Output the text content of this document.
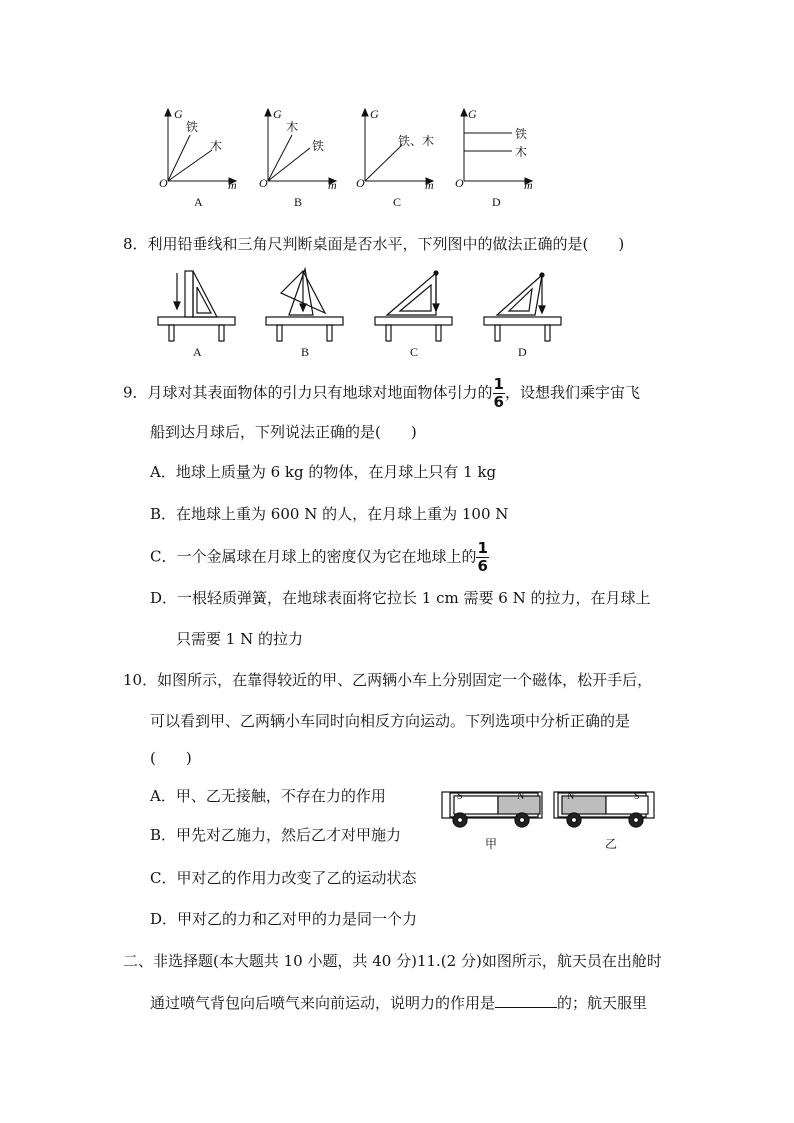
G
O	m
铁
木
A
G
O	m
木
铁
B
G
O	m
铁、木
C
G
O	m
铁
木
D
8．利用铅垂线和三角尺判断桌面是否水平，下列图中的做法正确的是(　　)
A	B	C	D
9．月球对其表面物体的引力只有地球对地面物体引力的 $\frac{1}{6}$ ，设想我们乘宇宙飞
船到达月球后，下列说法正确的是(　　)
A．地球上质量为 6 kg 的物体，在月球上只有 1 kg
B．在地球上重为 600 N 的人，在月球上重为 100 N
C．一个金属球在月球上的密度仅为它在地球上的 $\frac{1}{6}$
D．一根轻质弹簧，在地球表面将它拉长 1 cm 需要 6 N 的拉力，在月球上
只需要 1 N 的拉力
10．如图所示，在靠得较近的甲、乙两辆小车上分别固定一个磁体，松开手后，
可以看到甲、乙两辆小车同时向相反方向运动。下列选项中分析正确的是
(　　)
A．甲、乙无接触，不存在力的作用
B．甲先对乙施力，然后乙才对甲施力
C．甲对乙的作用力改变了乙的运动状态
D．甲对乙的力和乙对甲的力是同一个力
S	N	N	S
甲	乙
二、非选择题(本大题共 10 小题，共 40 分)11.(2 分)如图所示，航天员在出舱时
通过喷气背包向后喷气来向前运动，说明力的作用是	的；航天服里
